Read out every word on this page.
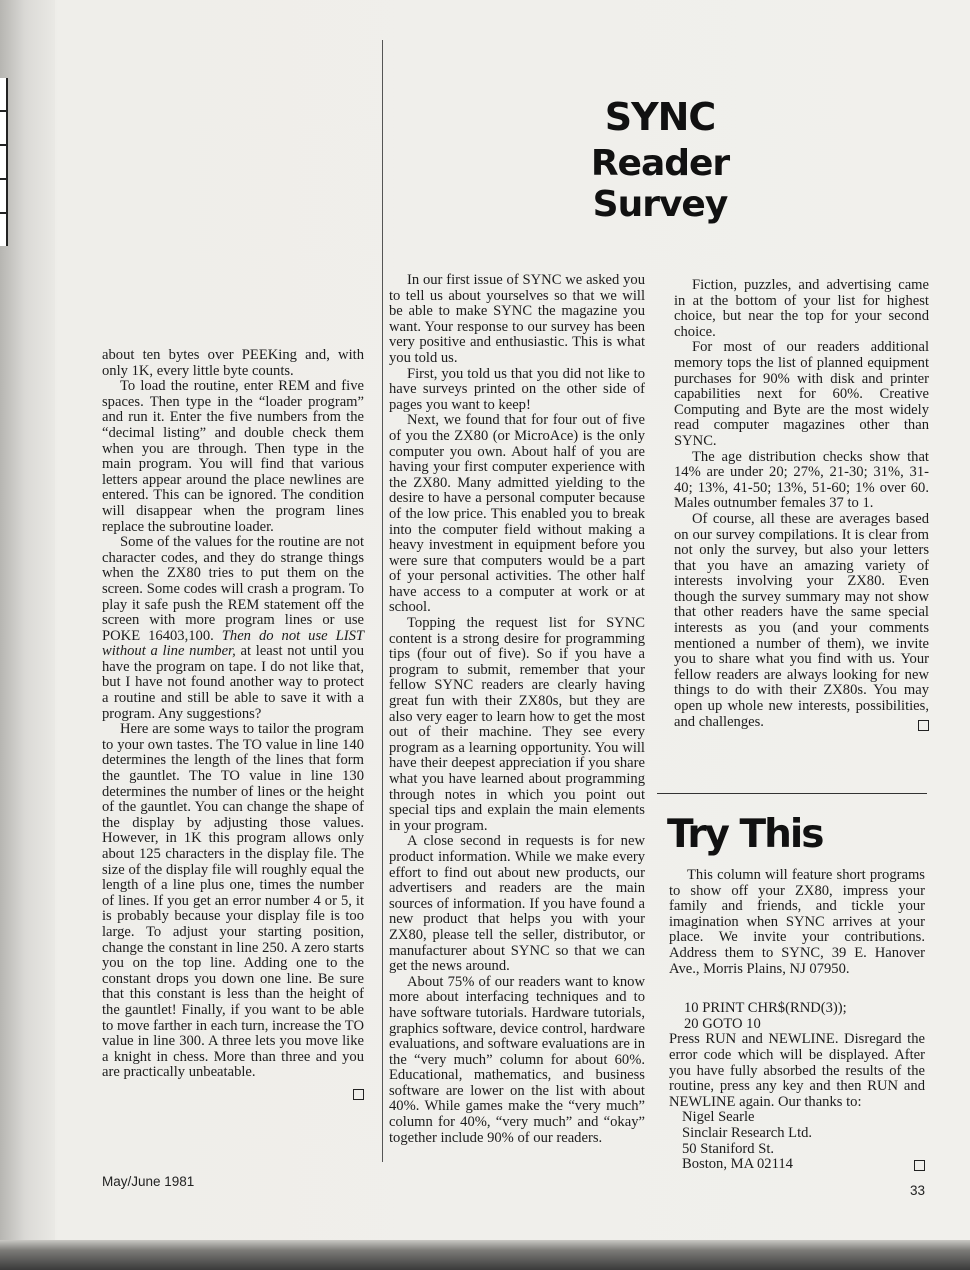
SYNC
Reader Survey

about ten bytes over PEEKing and, with only 1K, every little byte counts.

To load the routine, enter REM and five spaces. Then type in the “loader program” and run it. Enter the five numbers from the “decimal listing” and double check them when you are through. Then type in the main program. You will find that various letters appear around the place newlines are entered. This can be ignored. The condition will disappear when the program lines replace the subroutine loader.

Some of the values for the routine are not character codes, and they do strange things when the ZX80 tries to put them on the screen. Some codes will crash a program. To play it safe push the REM statement off the screen with more program lines or use POKE 16403,100. Then do not use LIST without a line number, at least not until you have the program on tape. I do not like that, but I have not found another way to protect a routine and still be able to save it with a program. Any suggestions?

Here are some ways to tailor the program to your own tastes. The TO value in line 140 determines the length of the lines that form the gauntlet. The TO value in line 130 determines the number of lines or the height of the gauntlet. You can change the shape of the display by adjusting those values. However, in 1K this program allows only about 125 characters in the display file. The size of the display file will roughly equal the length of a line plus one, times the number of lines. If you get an error number 4 or 5, it is probably because your display file is too large. To adjust your starting position, change the constant in line 250. A zero starts you on the top line. Adding one to the constant drops you down one line. Be sure that this constant is less than the height of the gauntlet! Finally, if you want to be able to move farther in each turn, increase the TO value in line 300. A three lets you move like a knight in chess. More than three and you are practically unbeatable.

In our first issue of SYNC we asked you to tell us about yourselves so that we will be able to make SYNC the magazine you want. Your response to our survey has been very positive and enthusiastic. This is what you told us.

First, you told us that you did not like to have surveys printed on the other side of pages you want to keep!

Next, we found that for four out of five of you the ZX80 (or MicroAce) is the only computer you own. About half of you are having your first computer experience with the ZX80. Many admitted yielding to the desire to have a personal computer because of the low price. This enabled you to break into the computer field without making a heavy investment in equipment before you were sure that computers would be a part of your personal activities. The other half have access to a computer at work or at school.

Topping the request list for SYNC content is a strong desire for programming tips (four out of five). So if you have a program to submit, remember that your fellow SYNC readers are clearly having great fun with their ZX80s, but they are also very eager to learn how to get the most out of their machine. They see every program as a learning opportunity. You will have their deepest appreciation if you share what you have learned about programming through notes in which you point out special tips and explain the main elements in your program.

A close second in requests is for new product information. While we make every effort to find out about new products, our advertisers and readers are the main sources of information. If you have found a new product that helps you with your ZX80, please tell the seller, distributor, or manufacturer about SYNC so that we can get the news around.

About 75% of our readers want to know more about interfacing techniques and to have software tutorials. Hardware tutorials, graphics software, device control, hardware evaluations, and software evaluations are in the “very much” column for about 60%. Educational, mathematics, and business software are lower on the list with about 40%. While games make the “very much” column for 40%, “very much” and “okay” together include 90% of our readers.

Fiction, puzzles, and advertising came in at the bottom of your list for highest choice, but near the top for your second choice.

For most of our readers additional memory tops the list of planned equipment purchases for 90% with disk and printer capabilities next for 60%. Creative Computing and Byte are the most widely read computer magazines other than SYNC.

The age distribution checks show that 14% are under 20; 27%, 21-30; 31%, 31-40; 13%, 41-50; 13%, 51-60; 1% over 60. Males outnumber females 37 to 1.

Of course, all these are averages based on our survey compilations. It is clear from not only the survey, but also your letters that you have an amazing variety of interests involving your ZX80. Even though the survey summary may not show that other readers have the same special interests as you (and your comments mentioned a number of them), we invite you to share what you find with us. Your fellow readers are always looking for new things to do with their ZX80s. You may open up whole new interests, possibilities, and challenges.

Try This

This column will feature short programs to show off your ZX80, impress your family and friends, and tickle your imagination when SYNC arrives at your place. We invite your contributions. Address them to SYNC, 39 E. Hanover Ave., Morris Plains, NJ 07950.

10 PRINT CHR$(RND(3));
20 GOTO 10

Press RUN and NEWLINE. Disregard the error code which will be displayed. After you have fully absorbed the results of the routine, press any key and then RUN and NEWLINE again. Our thanks to:

Nigel Searle
Sinclair Research Ltd.
50 Staniford St.
Boston, MA 02114
May/June 1981
33
